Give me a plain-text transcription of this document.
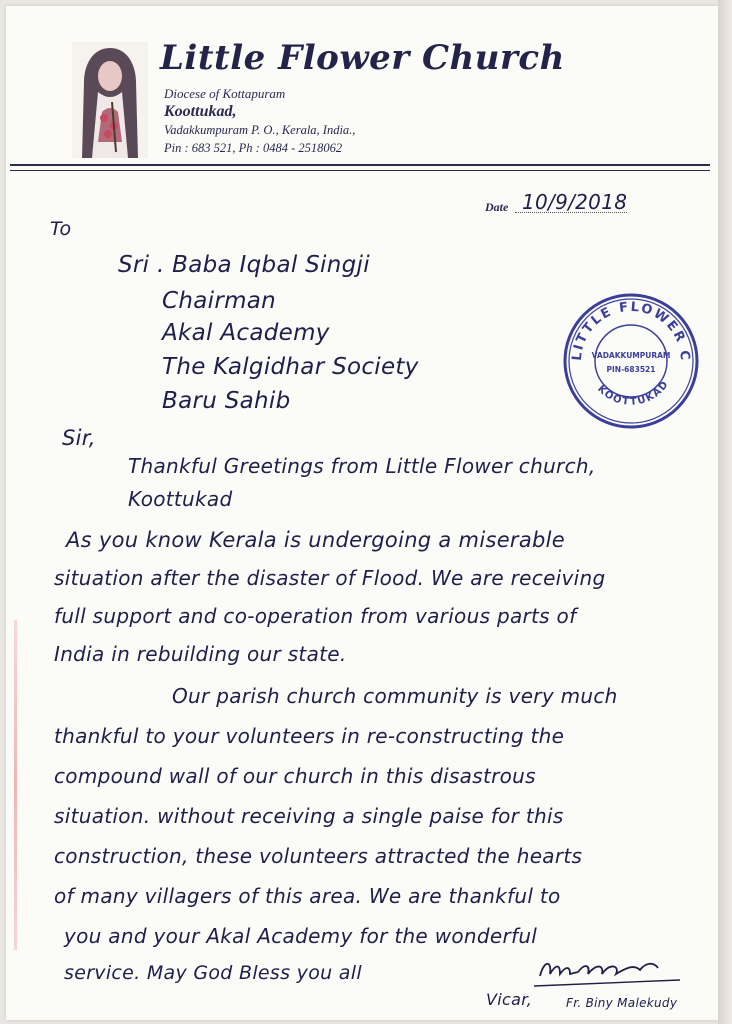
Little Flower Church
Diocese of Kottapuram
Koottukad,
Vadakkumpuram P. O., Kerala, India.,
Pin : 683 521, Ph : 0484 - 2518062
Date 10/9/2018
To
Sri . Baba Iqbal Singji
Chairman
Akal Academy
The Kalgidhar Society
Baru Sahib
LITTLE FLOWER C
KOOTTUKAD
VADAKKUMPURAM
PIN-683521
Sir,
Thankful Greetings from Little Flower church,
Koottukad
As you know Kerala is undergoing a miserable
situation after the disaster of Flood. We are receiving
full support and co-operation from various parts of
India in rebuilding our state.
Our parish church community is very much
thankful to your volunteers in re-constructing the
compound wall of our church in this disastrous
situation. without receiving a single paise for this
construction, these volunteers attracted the hearts
of many villagers of this area. We are thankful to
you and your Akal Academy for the wonderful
service. May God Bless you all
Vicar,	Fr. Biny Malekudy
